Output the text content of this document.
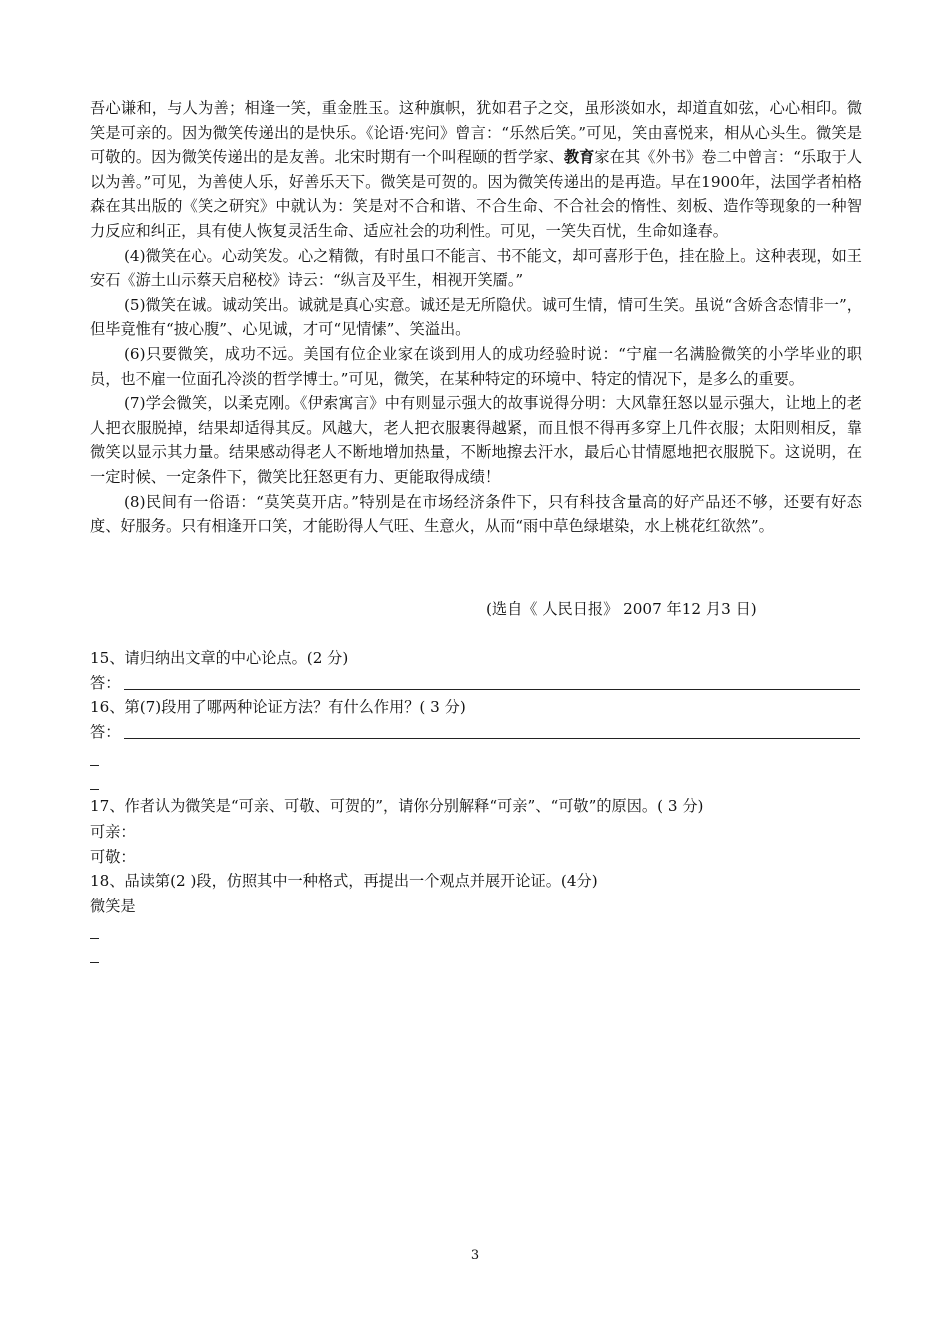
吾心谦和，与人为善；相逢一笑，重金胜玉。这种旗帜，犹如君子之交，虽形淡如水，却道直如弦，心心相印。微笑是可亲的。因为微笑传递出的是快乐。《论语·宪问》曾言：“乐然后笑。”可见，笑由喜悦来，相从心头生。微笑是可敬的。因为微笑传递出的是友善。北宋时期有一个叫程颐的哲学家、教育家在其《外书》卷二中曾言：“乐取于人以为善。”可见，为善使人乐，好善乐天下。微笑是可贺的。因为微笑传递出的是再造。早在1900年，法国学者柏格森在其出版的《笑之研究》中就认为：笑是对不合和谐、不合生命、不合社会的惰性、刻板、造作等现象的一种智力反应和纠正，具有使人恢复灵活生命、适应社会的功利性。可见，一笑失百忧，生命如逢春。

(4)微笑在心。心动笑发。心之精微，有时虽口不能言、书不能文，却可喜形于色，挂在脸上。这种表现，如王安石《游土山示蔡天启秘校》诗云：“纵言及平生，相视开笑靥。”

(5)微笑在诚。诚动笑出。诚就是真心实意。诚还是无所隐伏。诚可生情，情可生笑。虽说“含娇含态情非一”，但毕竟惟有“披心腹”、心见诚，才可“见情愫”、笑溢出。

(6)只要微笑，成功不远。美国有位企业家在谈到用人的成功经验时说：“宁雇一名满脸微笑的小学毕业的职员，也不雇一位面孔冷淡的哲学博士。”可见，微笑，在某种特定的环境中、特定的情况下，是多么的重要。

(7)学会微笑，以柔克刚。《伊索寓言》中有则显示强大的故事说得分明：大风靠狂怒以显示强大，让地上的老人把衣服脱掉，结果却适得其反。风越大，老人把衣服裹得越紧，而且恨不得再多穿上几件衣服；太阳则相反，靠微笑以显示其力量。结果感动得老人不断地增加热量，不断地擦去汗水，最后心甘情愿地把衣服脱下。这说明，在一定时候、一定条件下，微笑比狂怒更有力、更能取得成绩！

(8)民间有一俗语：“莫笑莫开店。”特别是在市场经济条件下，只有科技含量高的好产品还不够，还要有好态度、好服务。只有相逢开口笑，才能盼得人气旺、生意火，从而“雨中草色绿堪染，水上桃花红欲然”。

(选自《 人民日报》 2007 年12 月3 日)
15、请归纳出文章的中心论点。(2 分)
答：
16、第(7)段用了哪两种论证方法？有什么作用？( 3 分)
答：
17、作者认为微笑是“可亲、可敬、可贺的”，请你分别解释“可亲”、“可敬”的原因。( 3 分)
可亲：
可敬：
18、品读第(2 )段，仿照其中一种格式，再提出一个观点并展开论证。(4分)
微笑是
3
